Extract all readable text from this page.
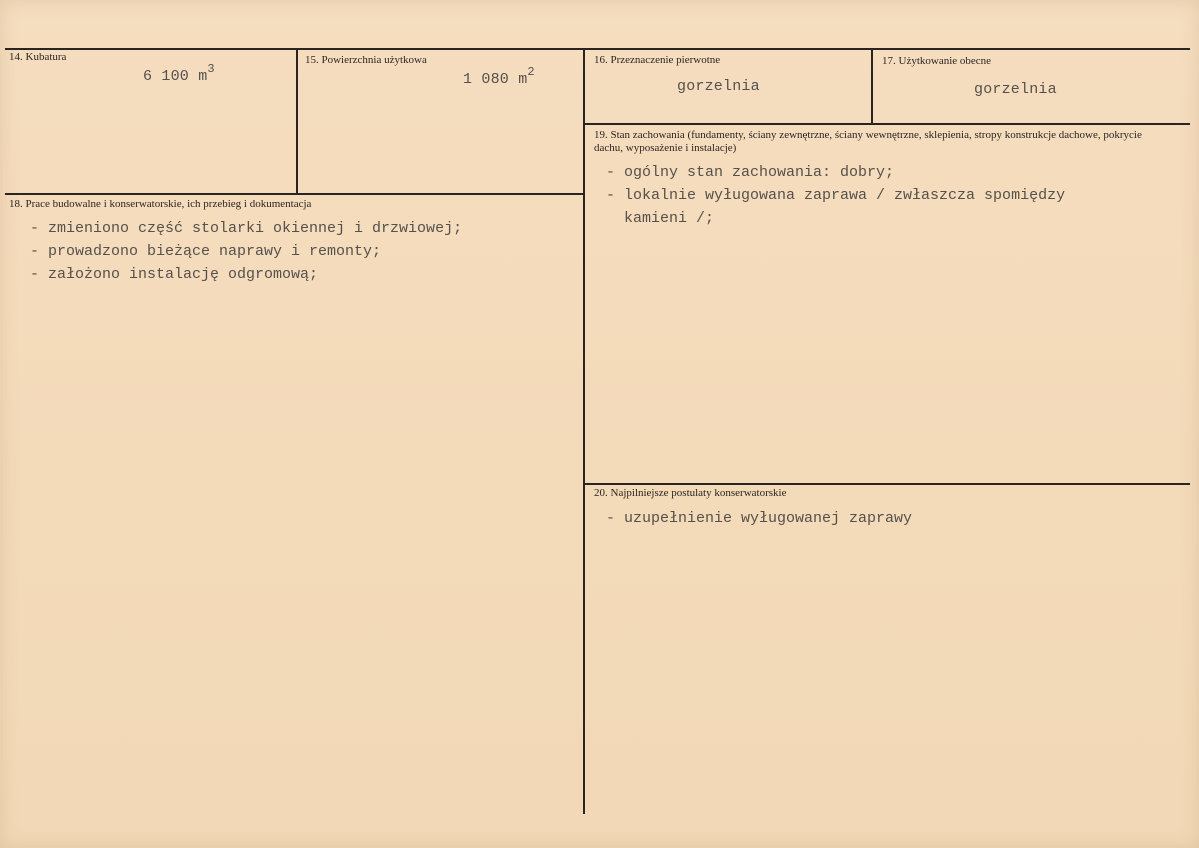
14. Kubatura
6 100 $m^3$
15. Powierzchnia użytkowa
1 080 $m^2$
16. Przeznaczenie pierwotne
gorzelnia
17. Użytkowanie obecne
gorzelnia
18. Prace budowalne i konserwatorskie, ich przebieg i dokumentacja
- zmieniono część stolarki okiennej i drzwiowej;
- prowadzono bieżące naprawy i remonty;
- założono instalację odgromową;
19. Stan zachowania (fundamenty, ściany zewnętrzne, ściany wewnętrzne, sklepienia, stropy konstrukcje dachowe, pokrycie dachu, wyposażenie i instalacje)
- ogólny stan zachowania: dobry;
- lokalnie wyługowana zaprawa / zwłaszcza spomiędzy
kamieni /;
20. Najpilniejsze postulaty konserwatorskie
- uzupełnienie wyługowanej zaprawy
